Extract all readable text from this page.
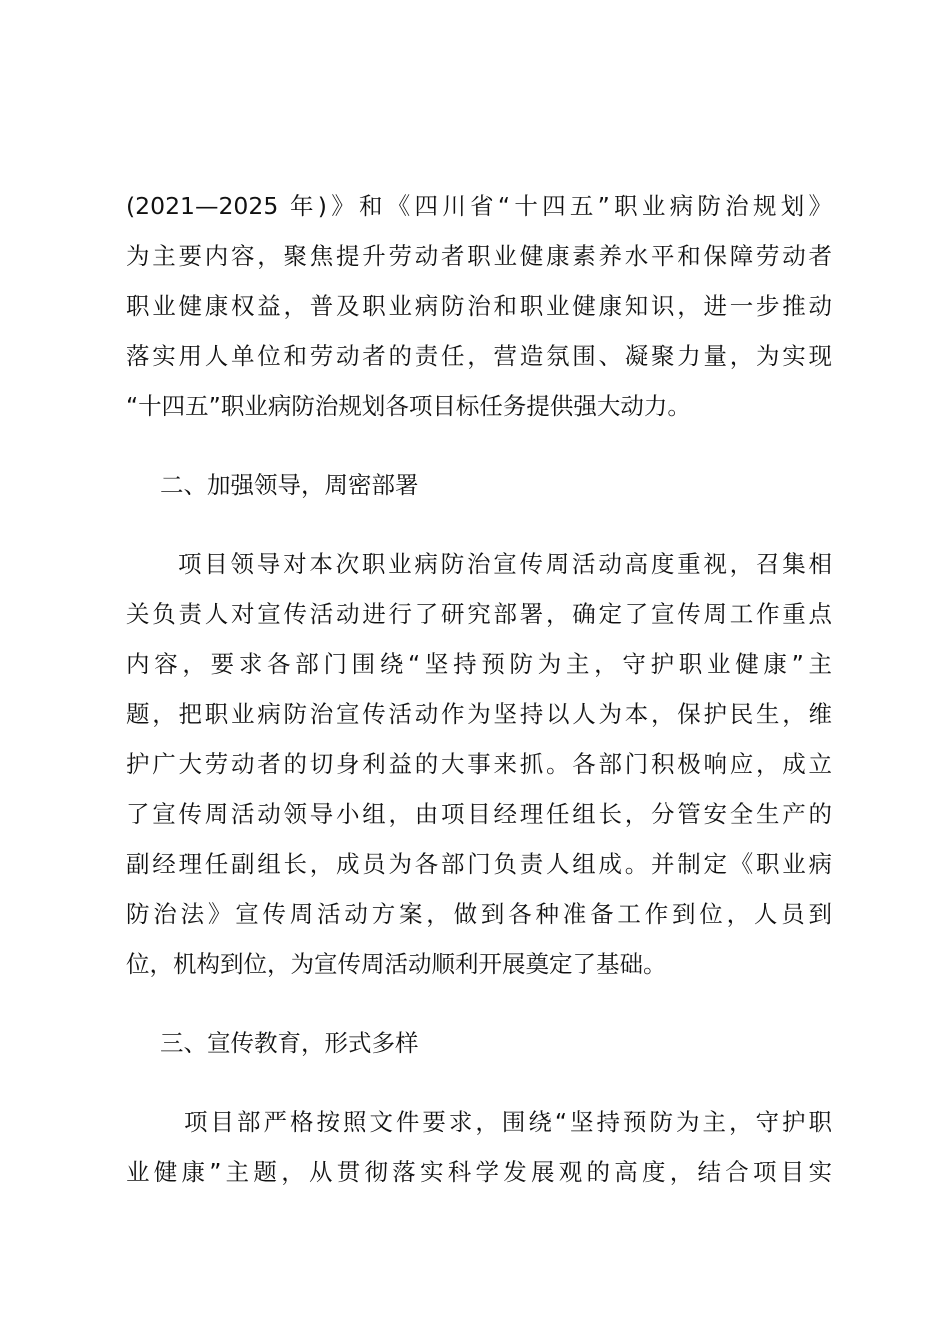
(2021—2025 年)》和《四川省“十四五”职业病防治规划》
为主要内容，聚焦提升劳动者职业健康素养水平和保障劳动者
职业健康权益，普及职业病防治和职业健康知识，进一步推动
落实用人单位和劳动者的责任，营造氛围、凝聚力量，为实现
“十四五”职业病防治规划各项目标任务提供强大动力。

二、加强领导，周密部署

项目领导对本次职业病防治宣传周活动高度重视，召集相
关负责人对宣传活动进行了研究部署，确定了宣传周工作重点
内容，要求各部门围绕“坚持预防为主，守护职业健康”主
题，把职业病防治宣传活动作为坚持以人为本，保护民生，维
护广大劳动者的切身利益的大事来抓。各部门积极响应，成立
了宣传周活动领导小组，由项目经理任组长，分管安全生产的
副经理任副组长，成员为各部门负责人组成。并制定《职业病
防治法》宣传周活动方案，做到各种准备工作到位，人员到
位，机构到位，为宣传周活动顺利开展奠定了基础。

三、宣传教育，形式多样

项目部严格按照文件要求，围绕“坚持预防为主，守护职
业健康”主题，从贯彻落实科学发展观的高度，结合项目实
